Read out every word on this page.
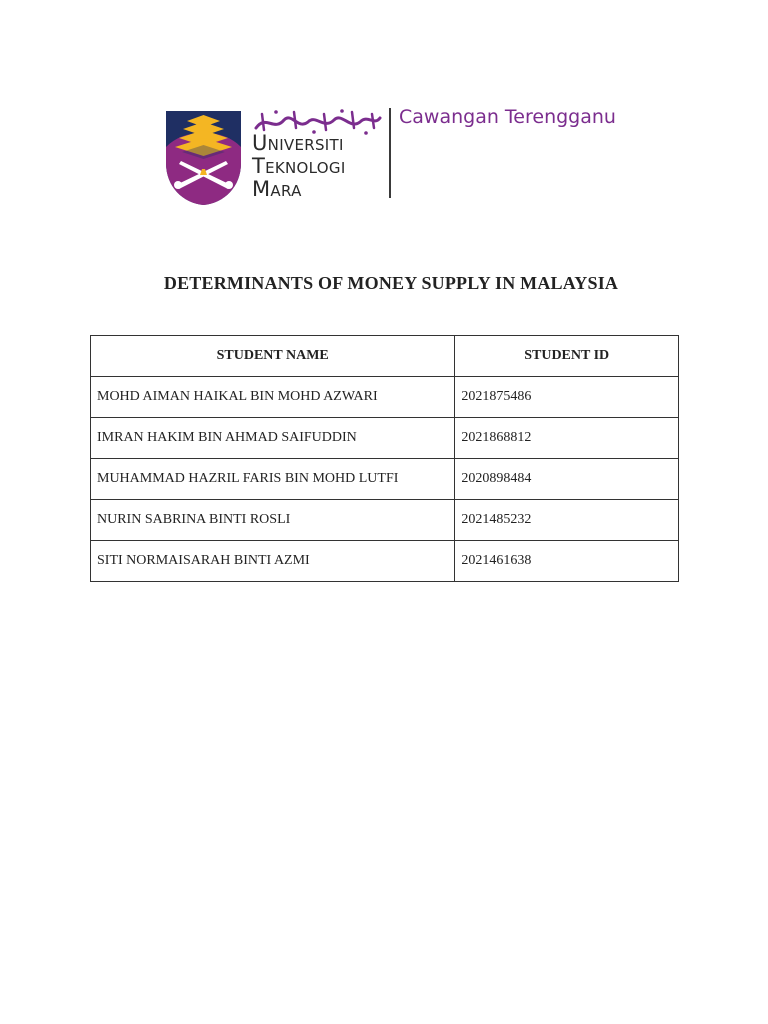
Universiti
Teknologi
Mara
Cawangan Terengganu
DETERMINANTS OF MONEY SUPPLY IN MALAYSIA
STUDENT NAME	STUDENT ID
MOHD AIMAN HAIKAL BIN MOHD AZWARI	2021875486
IMRAN HAKIM BIN AHMAD SAIFUDDIN	2021868812
MUHAMMAD HAZRIL FARIS BIN MOHD LUTFI	2020898484
NURIN SABRINA BINTI ROSLI	2021485232
SITI NORMAISARAH BINTI AZMI	2021461638
